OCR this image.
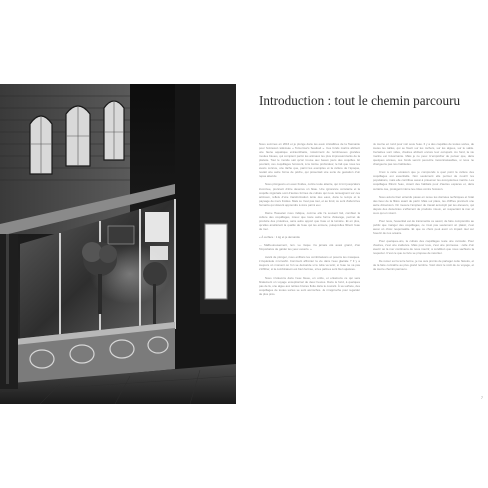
Introduction : tout le chemin parcouru

Nous sommes en 2016 et je plonge dans les eaux cristallines de la Tasmanie pour l'émission télévisée « Tomorrow's Seafood ». Ces fonds marins abritent une faune aquatique extraordinaire, notamment de nombreuses grandes moules bleues, qui comptent parmi les animaux les plus impressionnants de la planète. Tout le monde sait qu'on trouve aux beaux jours des coquilles. Et pourtant, ces coquillages honorent, à la même profondeur, le fait que nous les avons connus, une tâche que, parmi les exemples et la culture de l'époque, restait une autre forme de pêche, qui présentait une sorte de gestation d'un repas attendu.

Nous plongeons en eaux froides, contre toute attente, qui m'ont jusqu'alors inconnue, prennent d'être devenus un fléau. Une ignorance constante et la coquille régionale sont d'autres formes de culture qui nous renseignent sur ces animaux, reflets d'une transformation lente des eaux, dans le temps et le paysage de mers froides. Mais ce n'est pas tout, et au fond, ce sont d'abord les humains qui doivent apprendre à vivre parmi eux.

Dame Hasselen nous indique, comme elle l'a souvent fait, combien la culture des coquillages, mieux que toute autre forme d'élevage, permet de produire des protéines, sans autre apport que l'eau et la lumière. Et en plus, qu'elles améliorent la qualité de l'eau qui les entoure, puisqu'elles filtrent l'eau de mer.

« À surface : 1 kg et je demande

— Malheureusement, non. Le risque n'a jamais été aussi grand, d'où l'importance de garder les yeux ouverts. »

Avant de plonger, nous enfilons les combinaisons et posons les masques. L'inquiétude m'envahit. Comment affronter la vie dans l'eau glaciale ? Il y a toujours un moment où l'on se demande si le tuba va tenir, si l'eau ne va pas s'infiltrer, si la combinaison est bien fermée, si les palmes sont bien ajustées.

Nous m'élevons dans l'eau bleue, en ordre, et entamons ce qui sera finalement un voyage exceptionnel de deux heures. Dans le fond, à quelques pas de là, une algue aux teintes brunes flotte dans le courant. À sa surface, des coquillages de toutes sortes se sont accrochés. Je m'approche pour regarder de plus près.

Je tourne en rond pour voir sous l'eau. Il y a des coquilles de toutes sortes, de toutes les tailles, qui se fixent sur les rochers, sur les algues, sur le sable. Certaines sont vides, d'autres abritent encore leur occupant. Au fond, la vie marine est foisonnante. Mais je ne peux m'empêcher de penser que, dans quelques années, ces fonds seront peut-être méconnaissables, si nous ne changeons pas nos habitudes.

C'est à cette occasion que je comprends à quel point la culture des coquillages est essentielle. Non seulement elle permet de nourrir les populations, mais elle contribue aussi à préserver les écosystèmes marins. Les coquillages filtrent l'eau, créent des habitats pour d'autres espèces et, dans certains cas, protègent même les côtes contre l'érosion.

Nous avions bien entendu passé en revue les données techniques et l'état des lieux de la filière avant de partir. Mais sur place, les chiffres prennent une autre dimension. On mesure l'ampleur du travail accompli par les éleveurs, qui depuis des décennies s'efforcent de produire mieux, en respectant la mer et ceux qui en vivent.

Pour nous, l'essentiel est de transmettre ce savoir, de faire comprendre au public que manger des coquillages, ce n'est pas seulement un plaisir, c'est aussi un choix responsable. Et que ce choix peut avoir un impact réel sur l'avenir de nos océans.

Pour quelques-uns, la culture des coquillages reste une curiosité. Pour d'autres, c'est une évidence. Mais pour tous, c'est une promesse : celle d'un avenir où la mer continuera de nous nourrir, à condition que nous sachions la respecter. C'est ce que ce livre se propose de raconter.

De retour sur la terre ferme, je me suis promis de partager cette histoire, et de la faire connaître au plus grand nombre. Voici donc le récit de ce voyage, et de tout le chemin parcouru.

7
